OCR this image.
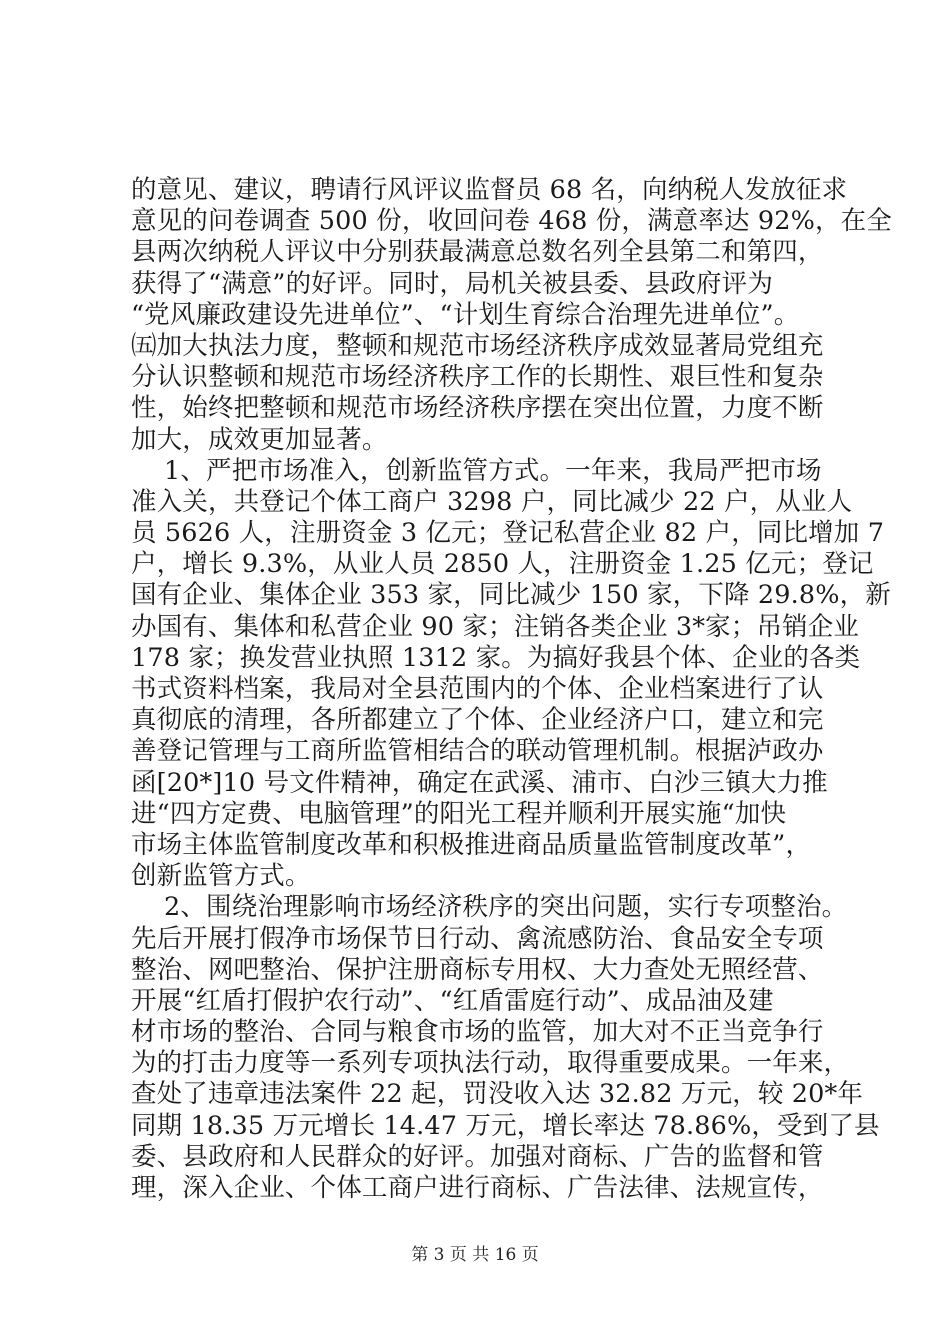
的意见、建议，聘请行风评议监督员 68 名，向纳税人发放征求
意见的问卷调查 500 份，收回问卷 468 份，满意率达 92%，在全
县两次纳税人评议中分别获最满意总数名列全县第二和第四，
获得了“满意”的好评。同时，局机关被县委、县政府评为
“党风廉政建设先进单位”、“计划生育综合治理先进单位”。
㈤加大执法力度，整顿和规范市场经济秩序成效显著局党组充
分认识整顿和规范市场经济秩序工作的长期性、艰巨性和复杂
性，始终把整顿和规范市场经济秩序摆在突出位置，力度不断
加大，成效更加显著。
1、严把市场准入，创新监管方式。一年来，我局严把市场
准入关，共登记个体工商户 3298 户，同比减少 22 户，从业人
员 5626 人，注册资金 3 亿元；登记私营企业 82 户，同比增加 7
户，增长 9.3%，从业人员 2850 人，注册资金 1.25 亿元；登记
国有企业、集体企业 353 家，同比减少 150 家，下降 29.8%，新
办国有、集体和私营企业 90 家；注销各类企业 3*家；吊销企业
178 家；换发营业执照 1312 家。为搞好我县个体、企业的各类
书式资料档案，我局对全县范围内的个体、企业档案进行了认
真彻底的清理，各所都建立了个体、企业经济户口，建立和完
善登记管理与工商所监管相结合的联动管理机制。根据泸政办
函[20*]10 号文件精神，确定在武溪、浦市、白沙三镇大力推
进“四方定费、电脑管理”的阳光工程并顺利开展实施“加快
市场主体监管制度改革和积极推进商品质量监管制度改革”，
创新监管方式。
2、围绕治理影响市场经济秩序的突出问题，实行专项整治。
先后开展打假净市场保节日行动、禽流感防治、食品安全专项
整治、网吧整治、保护注册商标专用权、大力查处无照经营、
开展“红盾打假护农行动”、“红盾雷庭行动”、成品油及建
材市场的整治、合同与粮食市场的监管，加大对不正当竞争行
为的打击力度等一系列专项执法行动，取得重要成果。一年来，
查处了违章违法案件 22 起，罚没收入达 32.82 万元，较 20*年
同期 18.35 万元增长 14.47 万元，增长率达 78.86%，受到了县
委、县政府和人民群众的好评。加强对商标、广告的监督和管
理，深入企业、个体工商户进行商标、广告法律、法规宣传，
第 3 页 共 16 页
